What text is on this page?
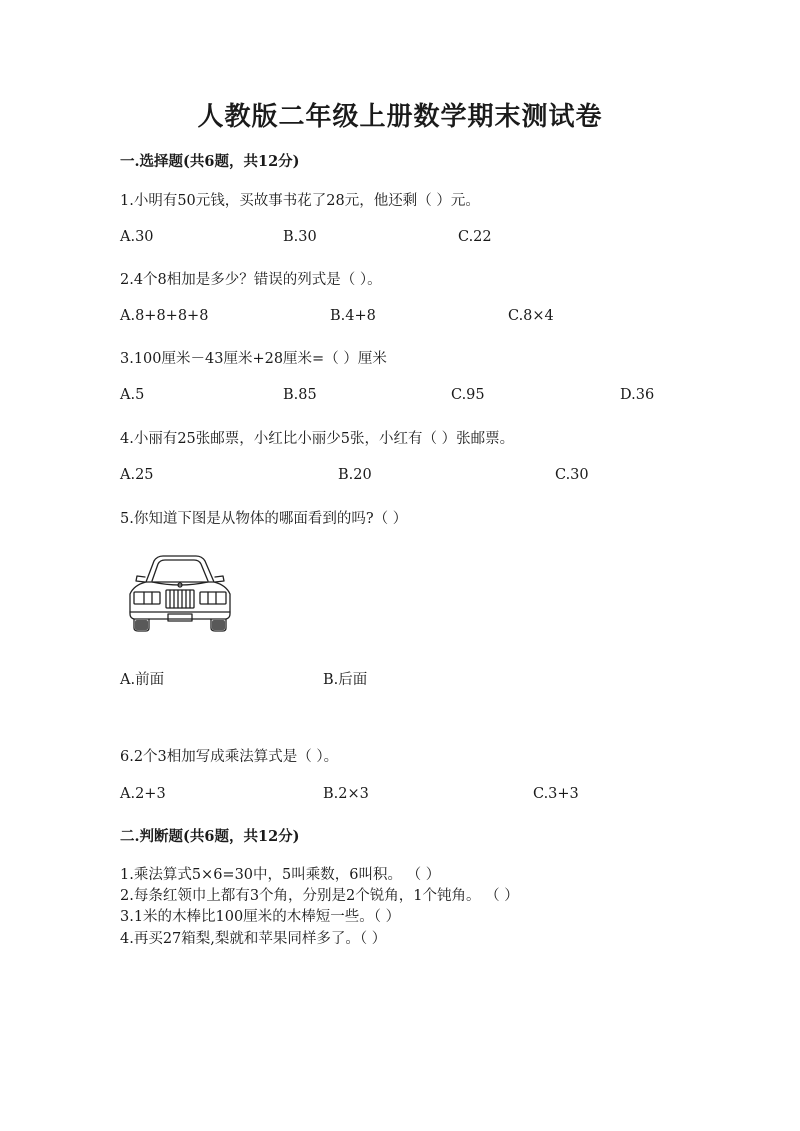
人教版二年级上册数学期末测试卷
一.选择题(共6题，共12分)
1.小明有50元钱，买故事书花了28元，他还剩（ ）元。
A.30	B.30	C.22
2.4个8相加是多少？错误的列式是（ ）。
A.8+8+8+8	B.4+8	C.8×4
3.100厘米－43厘米+28厘米=（ ）厘米
A.5	B.85	C.95	D.36
4.小丽有25张邮票，小红比小丽少5张，小红有（ ）张邮票。
A.25	B.20	C.30
5.你知道下图是从物体的哪面看到的吗?（ ）
A.前面	B.后面
6.2个3相加写成乘法算式是（ ）。
A.2+3	B.2×3	C.3+3
二.判断题(共6题，共12分)
1.乘法算式5×6=30中，5叫乘数，6叫积。 （ ）
2.每条红领巾上都有3个角，分别是2个锐角，1个钝角。 （ ）
3.1米的木棒比100厘米的木棒短一些。（ ）
4.再买27箱梨,梨就和苹果同样多了。（ ）
